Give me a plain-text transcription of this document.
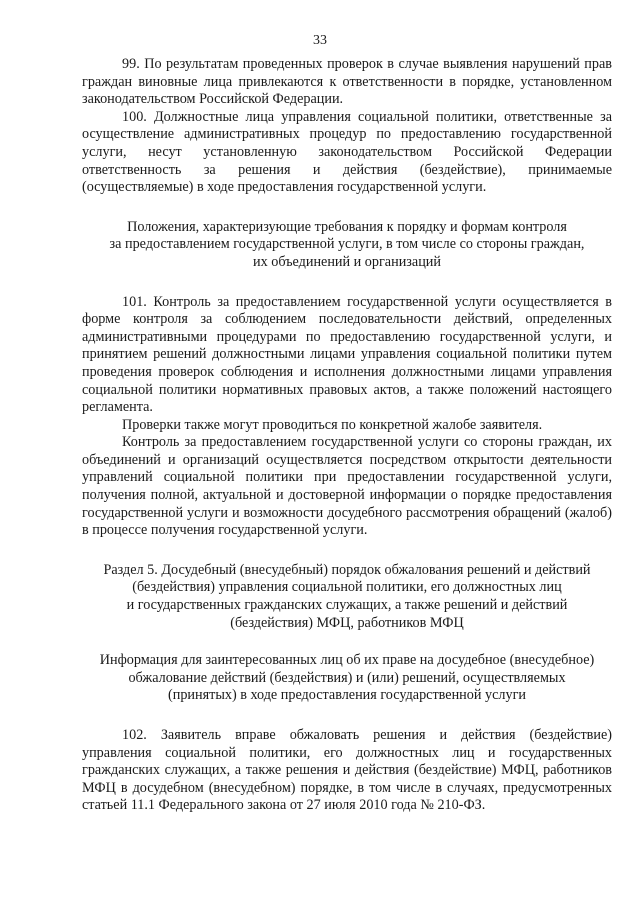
33

99. По результатам проведенных проверок в случае выявления нарушений прав граждан виновные лица привлекаются к ответственности в порядке, установленном законодательством Российской Федерации.

100. Должностные лица управления социальной политики, ответственные за осуществление административных процедур по предоставлению государственной услуги, несут установленную законодательством Российской Федерации ответственность за решения и действия (бездействие), принимаемые (осуществляемые) в ходе предоставления государственной услуги.

Положения, характеризующие требования к порядку и формам контроля
за предоставлением государственной услуги, в том числе со стороны граждан,
их объединений и организаций

101. Контроль за предоставлением государственной услуги осуществляется в форме контроля за соблюдением последовательности действий, определенных административными процедурами по предоставлению государственной услуги, и принятием решений должностными лицами управления социальной политики путем проведения проверок соблюдения и исполнения должностными лицами управления социальной политики нормативных правовых актов, а также положений настоящего регламента.

Проверки также могут проводиться по конкретной жалобе заявителя.

Контроль за предоставлением государственной услуги со стороны граждан, их объединений и организаций осуществляется посредством открытости деятельности управлений социальной политики при предоставлении государственной услуги, получения полной, актуальной и достоверной информации о порядке предоставления государственной услуги и возможности досудебного рассмотрения обращений (жалоб) в процессе получения государственной услуги.

Раздел 5. Досудебный (внесудебный) порядок обжалования решений и действий
(бездействия) управления социальной политики, его должностных лиц
и государственных гражданских служащих, а также решений и действий
(бездействия) МФЦ, работников МФЦ
Информация для заинтересованных лиц об их праве на досудебное (внесудебное)
обжалование действий (бездействия) и (или) решений, осуществляемых
(принятых) в ходе предоставления государственной услуги

102. Заявитель вправе обжаловать решения и действия (бездействие) управления социальной политики, его должностных лиц и государственных гражданских служащих, а также решения и действия (бездействие) МФЦ, работников МФЦ в досудебном (внесудебном) порядке, в том числе в случаях, предусмотренных статьей 11.1 Федерального закона от 27 июля 2010 года № 210-ФЗ.
